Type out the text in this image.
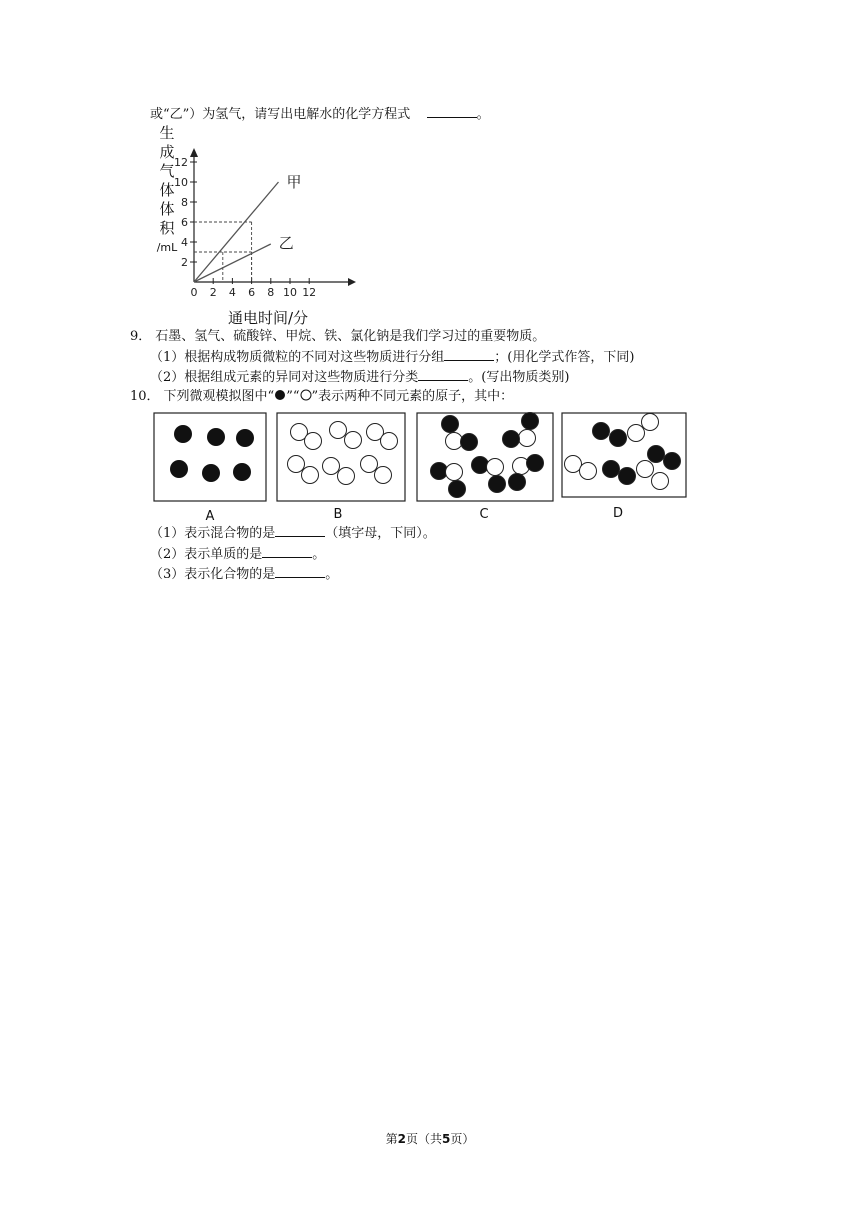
或“乙”）为氢气，请写出电解水的化学方程式	。
生
成
气
体
体
积
/mL
2
4
6
8
10
12
0 2 4 6 8 10 12
甲
乙
通电时间/分
9． 石墨、氢气、硫酸锌、甲烷、铁、氯化钠是我们学习过的重要物质。
（1）根据构成物质微粒的不同对这些物质进行分组	；(用化学式作答，下同)
（2）根据组成元素的异同对这些物质进行分类	。(写出物质类别)
10． 下列微观模拟图中“ ”“ ”表示两种不同元素的原子，其中：
A	B	C	D
（1）表示混合物的是	（填字母，下同）。
（2）表示单质的是	。
（3）表示化合物的是	。
第2页（共5页）
